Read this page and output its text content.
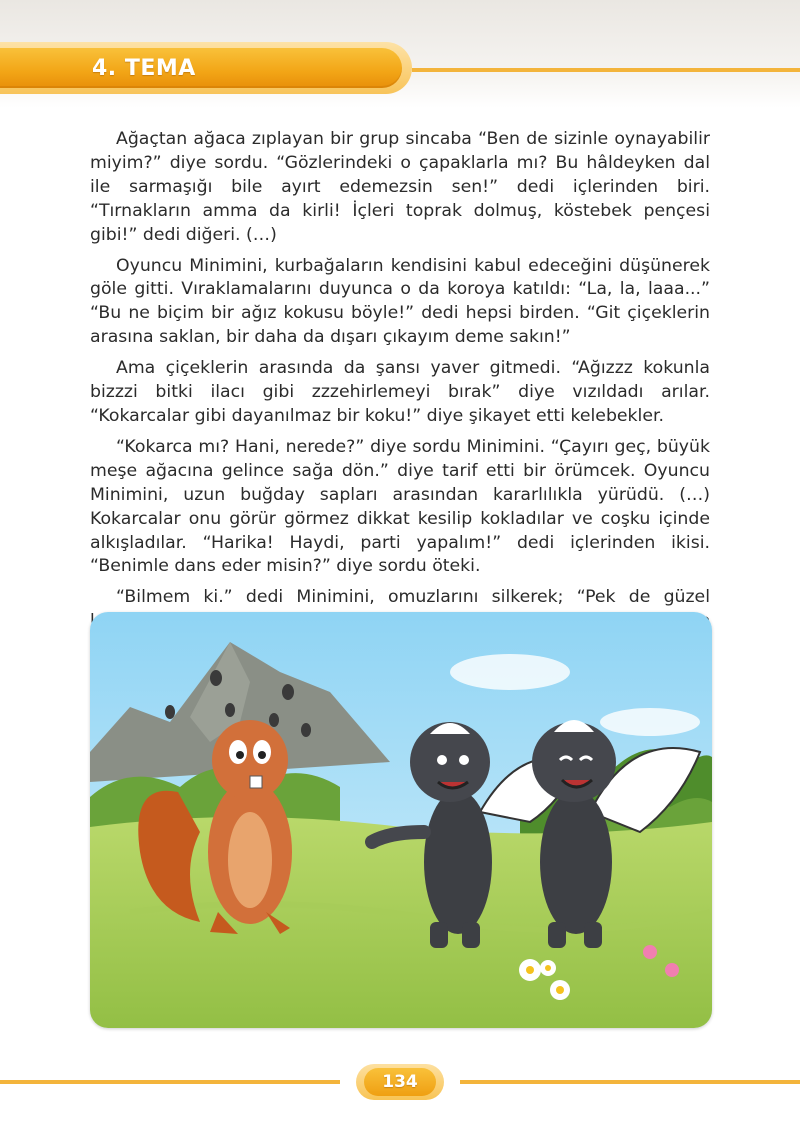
4. TEMA

Ağaçtan ağaca zıplayan bir grup sincaba “Ben de sizinle oynayabilir miyim?” diye sordu. “Gözlerindeki o çapaklarla mı? Bu hâldeyken dal ile sarmaşığı bile ayırt edemezsin sen!” dedi içlerinden biri. “Tırnakların amma da kirli! İçleri toprak dolmuş, köstebek pençesi gibi!” dedi diğeri. (…)

Oyuncu Minimini, kurbağaların kendisini kabul edeceğini düşünerek göle gitti. Vıraklamalarını duyunca o da koroya katıldı: “La, la, laaa...” “Bu ne biçim bir ağız kokusu böyle!” dedi hepsi birden. “Git çiçeklerin arasına saklan, bir daha da dışarı çıkayım deme sakın!”

Ama çiçeklerin arasında da şansı yaver gitmedi. “Ağızzz kokunla bizzzi bitki ilacı gibi zzzehirlemeyi bırak” diye vızıldadı arılar. “Kokarcalar gibi dayanılmaz bir koku!” diye şikayet etti kelebekler.

“Kokarca mı? Hani, nerede?” diye sordu Minimini. “Çayırı geç, büyük meşe ağacına gelince sağa dön.” diye tarif etti bir örümcek. Oyuncu Minimini, uzun buğday sapları arasından kararlılıkla yürüdü. (…) Kokarcalar onu görür görmez dikkat kesilip kokladılar ve coşku içinde alkışladılar. “Harika! Haydi, parti yapalım!” dedi içlerinden ikisi. “Benimle dans eder misin?” diye sordu öteki.

“Bilmem ki.” dedi Minimini, omuzlarını silkerek; “Pek de güzel

134
